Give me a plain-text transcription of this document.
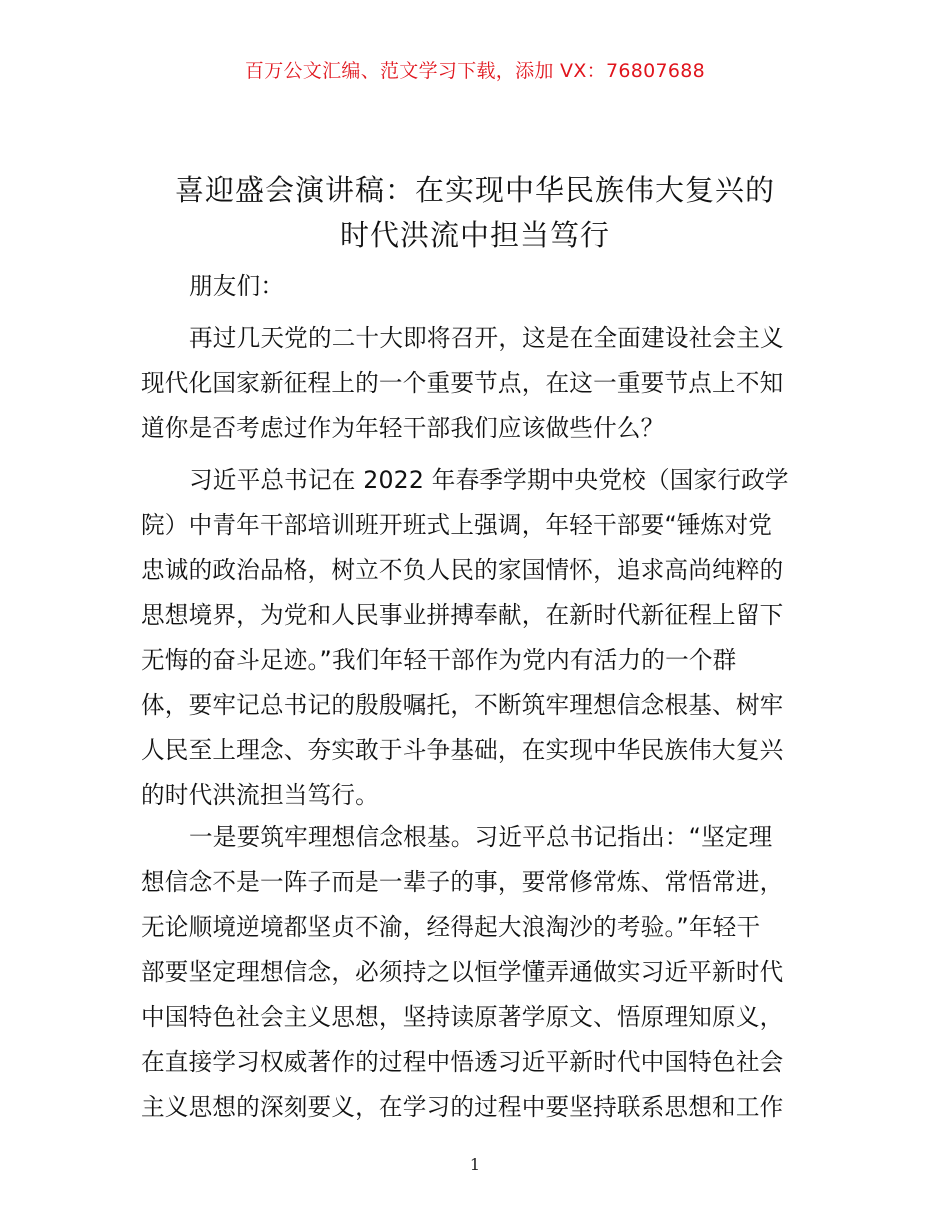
百万公文汇编、范文学习下载，添加 VX：76807688
喜迎盛会演讲稿：在实现中华民族伟大复兴的
时代洪流中担当笃行
朋友们：
再过几天党的二十大即将召开，这是在全面建设社会主义
现代化国家新征程上的一个重要节点，在这一重要节点上不知
道你是否考虑过作为年轻干部我们应该做些什么？
习近平总书记在 2022 年春季学期中央党校（国家行政学
院）中青年干部培训班开班式上强调，年轻干部要“锤炼对党
忠诚的政治品格，树立不负人民的家国情怀，追求高尚纯粹的
思想境界，为党和人民事业拼搏奉献，在新时代新征程上留下
无悔的奋斗足迹。”我们年轻干部作为党内有活力的一个群
体，要牢记总书记的殷殷嘱托，不断筑牢理想信念根基、树牢
人民至上理念、夯实敢于斗争基础，在实现中华民族伟大复兴
的时代洪流担当笃行。
一是要筑牢理想信念根基。习近平总书记指出：“坚定理
想信念不是一阵子而是一辈子的事，要常修常炼、常悟常进，
无论顺境逆境都坚贞不渝，经得起大浪淘沙的考验。”年轻干
部要坚定理想信念，必须持之以恒学懂弄通做实习近平新时代
中国特色社会主义思想，坚持读原著学原文、悟原理知原义，
在直接学习权威著作的过程中悟透习近平新时代中国特色社会
主义思想的深刻要义，在学习的过程中要坚持联系思想和工作
1
